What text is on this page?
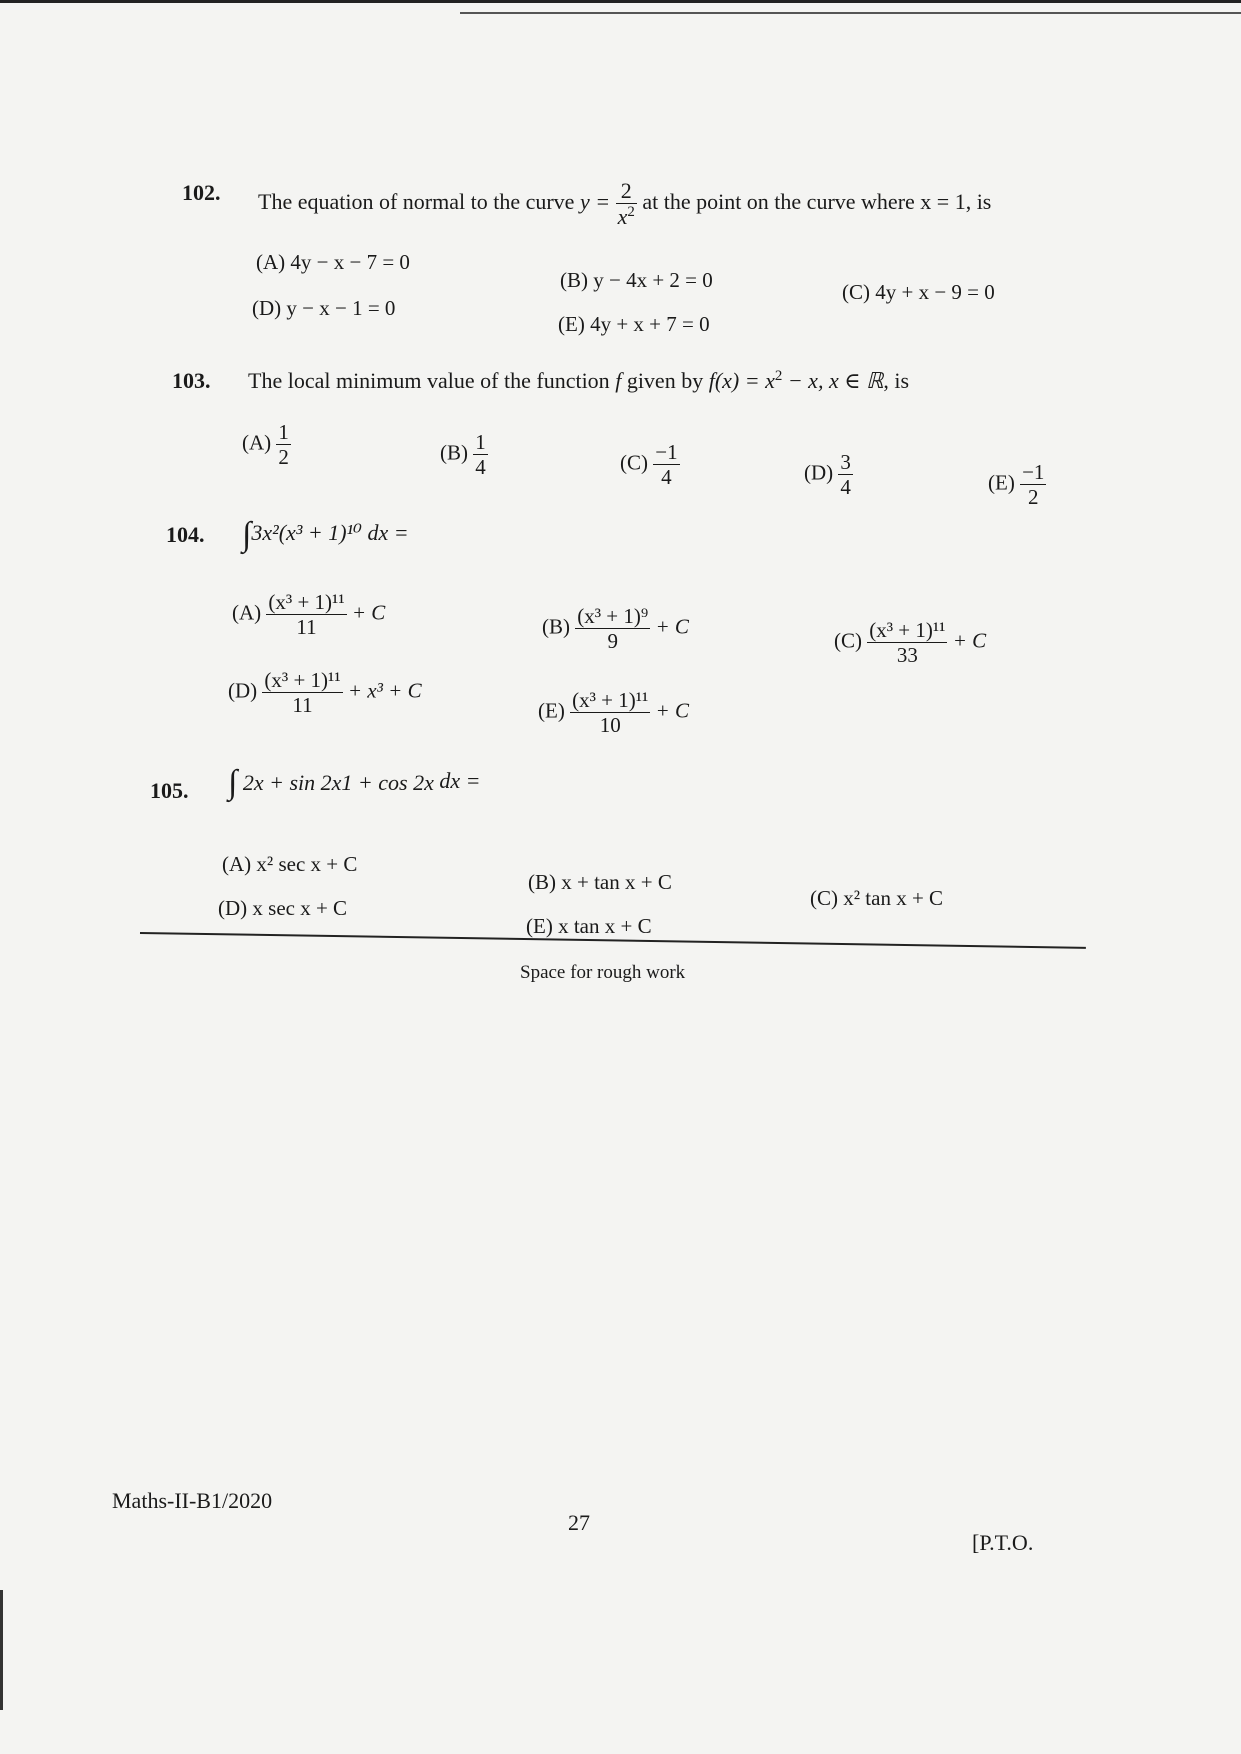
102. The equation of normal to the curve $y = \frac{2}{x^2}$ at the point on the curve where x = 1, is
(A) 4y − x − 7 = 0
(B) y − 4x + 2 = 0	(C) 4y + x − 9 = 0
(D) y − x − 1 = 0
(E) 4y + x + 7 = 0
103. The local minimum value of the function f given by $f(x) = x^2 - x$, x ∈ ℝ, is
$(A) \frac{1}{2}$	$(B) \frac{1}{4}$	$(C) \frac{-1}{4}$	$(D) \frac{3}{4}$	$(E) \frac{-1}{2}$
104. ∫3x²(x³ + 1)¹⁰ dx =
$(A) \frac{\text{(x³ + 1)¹¹}}{11} + C$
$(B) \frac{\text{(x³ + 1)⁹}}{9} + C$
$(C) \frac{\text{(x³ + 1)¹¹}}{33} + C$
$(D) \frac{\text{(x³ + 1)¹¹}}{11} + x^3 + C$
$(E) \frac{\text{(x³ + 1)¹¹}}{10} + C$
105. ∫ 2x + sin 2x1 + cos 2x dx =
(A) x² sec x + C
(B) x + tan x + C
(C) x² tan x + C
(D) x sec x + C
(E) x tan x + C
Space for rough work
Maths-II-B1/2020
27
[P.T.O.
